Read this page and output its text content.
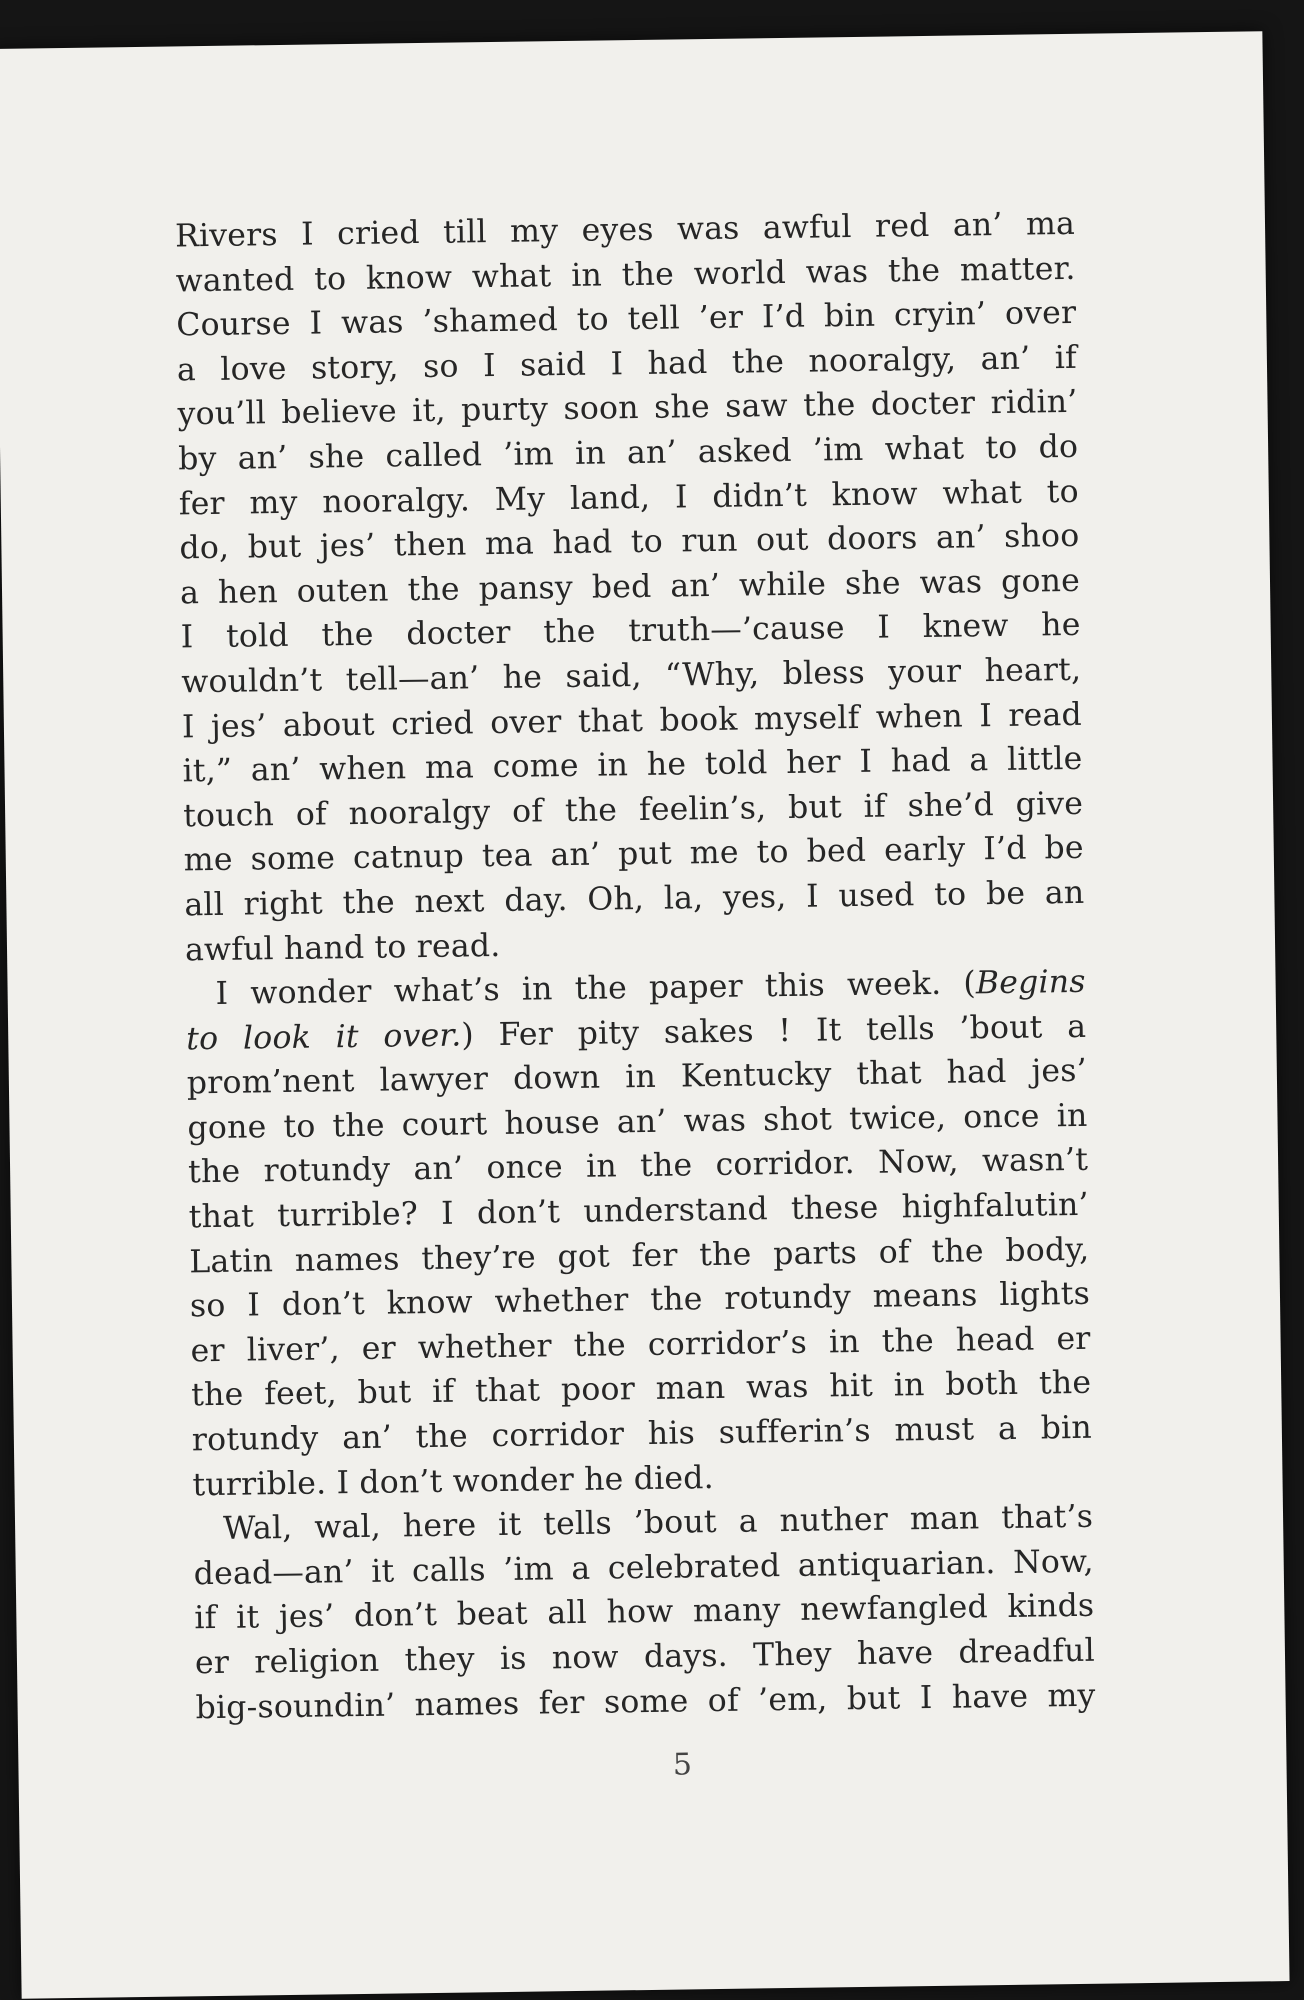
Rivers I cried till my eyes was awful red an’ ma
wanted to know what in the world was the matter.
Course I was ’shamed to tell ’er I’d bin cryin’ over
a love story, so I said I had the nooralgy, an’ if
you’ll believe it, purty soon she saw the docter ridin’
by an’ she called ’im in an’ asked ’im what to do
fer my nooralgy. My land, I didn’t know what to
do, but jes’ then ma had to run out doors an’ shoo
a hen outen the pansy bed an’ while she was gone
I told the docter the truth—’cause I knew he
wouldn’t tell—an’ he said, “Why, bless your heart,
I jes’ about cried over that book myself when I read
it,” an’ when ma come in he told her I had a little
touch of nooralgy of the feelin’s, but if she’d give
me some catnup tea an’ put me to bed early I’d be
all right the next day. Oh, la, yes, I used to be an
awful hand to read.

I wonder what’s in the paper this week. (Begins
to look it over.) Fer pity sakes ! It tells ’bout a
prom’nent lawyer down in Kentucky that had jes’
gone to the court house an’ was shot twice, once in
the rotundy an’ once in the corridor. Now, wasn’t
that turrible? I don’t understand these highfalutin’
Latin names they’re got fer the parts of the body,
so I don’t know whether the rotundy means lights
er liver’, er whether the corridor’s in the head er
the feet, but if that poor man was hit in both the
rotundy an’ the corridor his sufferin’s must a bin
turrible. I don’t wonder he died.

Wal, wal, here it tells ’bout a nuther man that’s
dead—an’ it calls ’im a celebrated antiquarian. Now,
if it jes’ don’t beat all how many newfangled kinds
er religion they is now days. They have dreadful
big-soundin’ names fer some of ’em, but I have my

5
